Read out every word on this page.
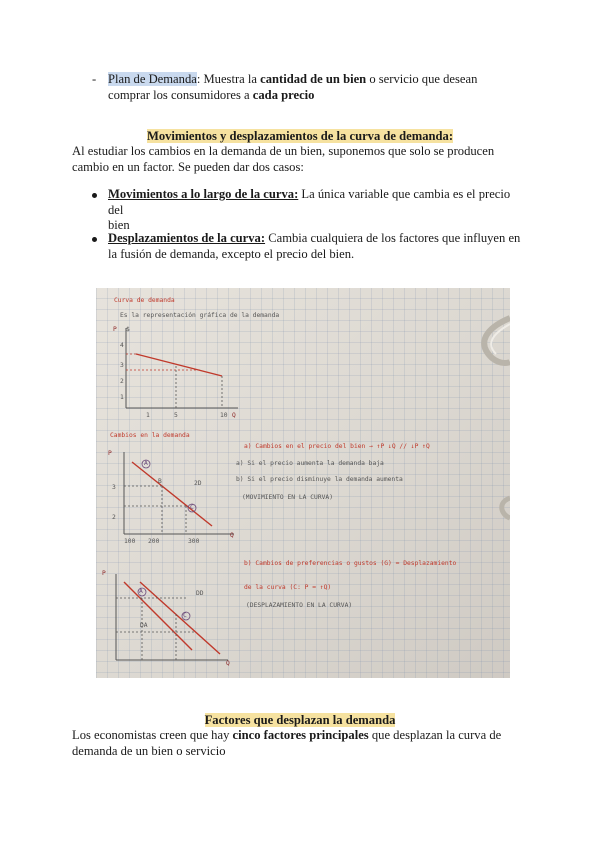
- Plan de Demanda: Muestra la cantidad de un bien o servicio que desean
comprar los consumidores a cada precio
Movimientos y desplazamientos de la curva de demanda:
Al estudiar los cambios en la demanda de un bien, suponemos que solo se producen
cambio en un factor. Se pueden dar dos casos:
Movimientos a lo largo de la curva: La única variable que cambia es el precio del
bien
Desplazamientos de la curva: Cambia cualquiera de los factores que influyen en
la fusión de demanda, excepto el precio del bien.
Curva de demanda
Es la representación gráfica de la demanda
P $
4
3
2
1
1	5	10 Q
Cambios en la demanda
P
A
B
C
2D
3
2
100 200	300
Q
a) Cambios en el precio del bien → ↑P ↓Q // ↓P ↑Q
a) Si el precio aumenta la demanda baja
b) Si el precio disminuye la demanda aumenta
(MOVIMIENTO EN LA CURVA)
P
A
C
DD
DA
Q
b) Cambios de preferencias o gustos (G) = Desplazamiento
de la curva (C: P = ↑Q)
(DESPLAZAMIENTO EN LA CURVA)
Factores que desplazan la demanda
Los economistas creen que hay cinco factores principales que desplazan la curva de
demanda de un bien o servicio
